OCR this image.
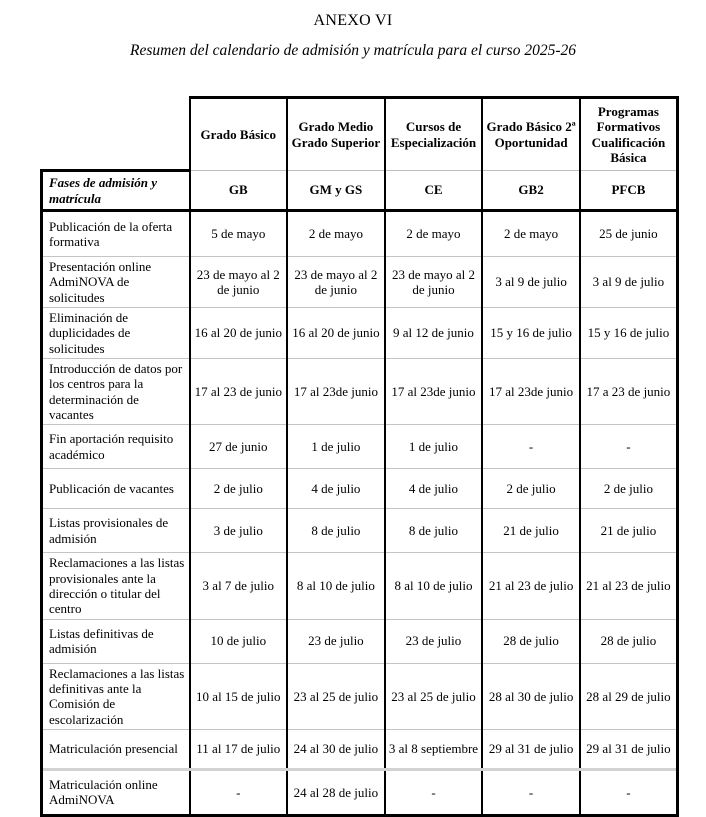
ANEXO VI

Resumen del calendario de admisión y matrícula para el curso 2025-26

	Grado Básico	Grado Medio Grado Superior	Cursos de Especialización	Grado Básico 2ª Oportunidad	Programas Formativos Cualificación Básica
Fases de admisión y matrícula	GB	GM y GS	CE	GB2	PFCB
Publicación de la oferta formativa	5 de mayo	2 de mayo	2 de mayo	2 de mayo	25 de junio
Presentación online AdmiNOVA de solicitudes	23 de mayo al 2 de junio	23 de mayo al 2 de junio	23 de mayo al 2 de junio	3 al 9 de julio	3 al 9 de julio
Eliminación de duplicidades de solicitudes	16 al 20 de junio	16 al 20 de junio	9 al 12 de junio	15 y 16 de julio	15 y 16 de julio
Introducción de datos por los centros para la determinación de vacantes	17 al 23 de junio	17 al 23de junio	17 al 23de junio	17 al 23de junio	17 a 23 de junio
Fin aportación requisito académico	27 de junio	1 de julio	1 de julio	-	-
Publicación de vacantes	2 de julio	4 de julio	4 de julio	2 de julio	2 de julio
Listas provisionales de admisión	3 de julio	8 de julio	8 de julio	21 de julio	21 de julio
Reclamaciones a las listas provisionales ante la dirección o titular del centro	3 al 7 de julio	8 al 10 de julio	8 al 10 de julio	21 al 23 de julio	21 al 23 de julio
Listas definitivas de admisión	10 de julio	23 de julio	23 de julio	28 de julio	28 de julio
Reclamaciones a las listas definitivas ante la Comisión de escolarización	10 al 15 de julio	23 al 25 de julio	23 al 25 de julio	28 al 30 de julio	28 al 29 de julio
Matriculación presencial	11 al 17 de julio	24 al 30 de julio	3 al 8 septiembre	29 al 31 de julio	29 al 31 de julio
Matriculación online AdmiNOVA	-	24 al 28 de julio	-	-	-
